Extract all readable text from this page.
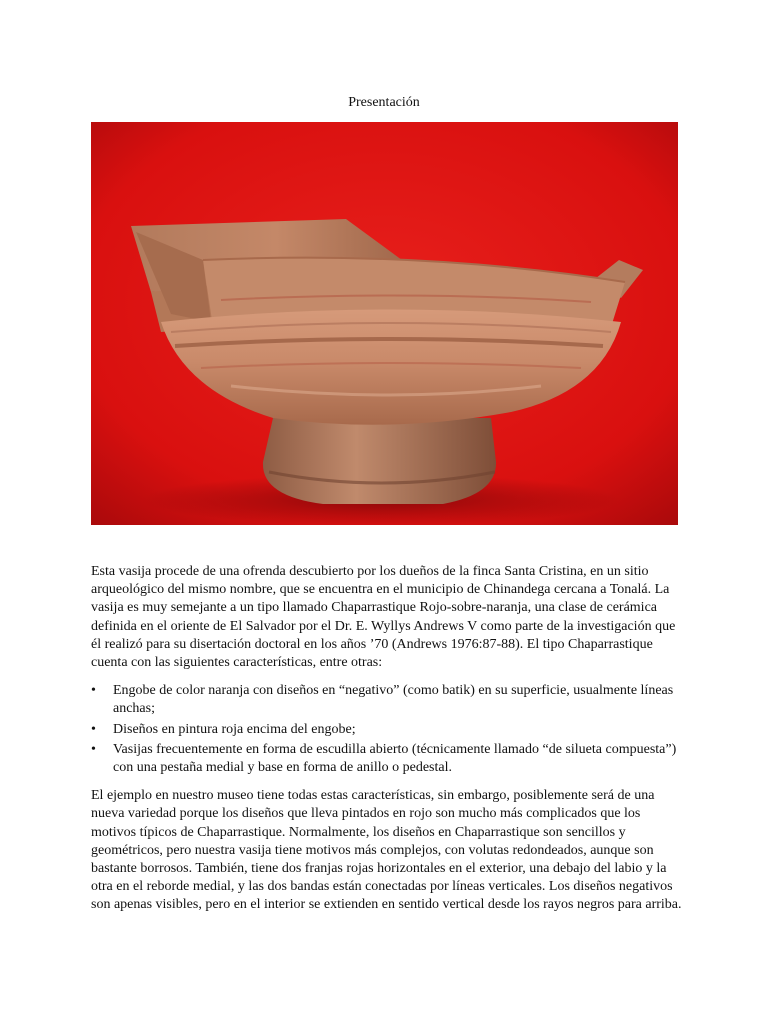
Presentación

Esta vasija procede de una ofrenda descubierto por los dueños de la finca Santa Cristina, en un sitio arqueológico del mismo nombre, que se encuentra en el municipio de Chinandega cercana a Tonalá. La vasija es muy semejante a un tipo llamado Chaparrastique Rojo-sobre-naranja, una clase de cerámica definida en el oriente de El Salvador por el Dr. E. Wyllys Andrews V como parte de la investigación que él realizó para su disertación doctoral en los años ’70 (Andrews 1976:87-88). El tipo Chaparrastique cuenta con las siguientes características, entre otras:

•	Engobe de color naranja con diseños en “negativo” (como batik) en su superficie, usualmente líneas anchas;
•	Diseños en pintura roja encima del engobe;
•	Vasijas frecuentemente en forma de escudilla abierto (técnicamente llamado “de silueta compuesta”) con una pestaña medial y base en forma de anillo o pedestal.

El ejemplo en nuestro museo tiene todas estas características, sin embargo, posiblemente será de una nueva variedad porque los diseños que lleva pintados en rojo son mucho más complicados que los motivos típicos de Chaparrastique. Normalmente, los diseños en Chaparrastique son sencillos y geométricos, pero nuestra vasija tiene motivos más complejos, con volutas redondeados, aunque son bastante borrosos. También, tiene dos franjas rojas horizontales en el exterior, una debajo del labio y la otra en el reborde medial, y las dos bandas están conectadas por líneas verticales. Los diseños negativos son apenas visibles, pero en el interior se extienden en sentido vertical desde los rayos negros para arriba.
